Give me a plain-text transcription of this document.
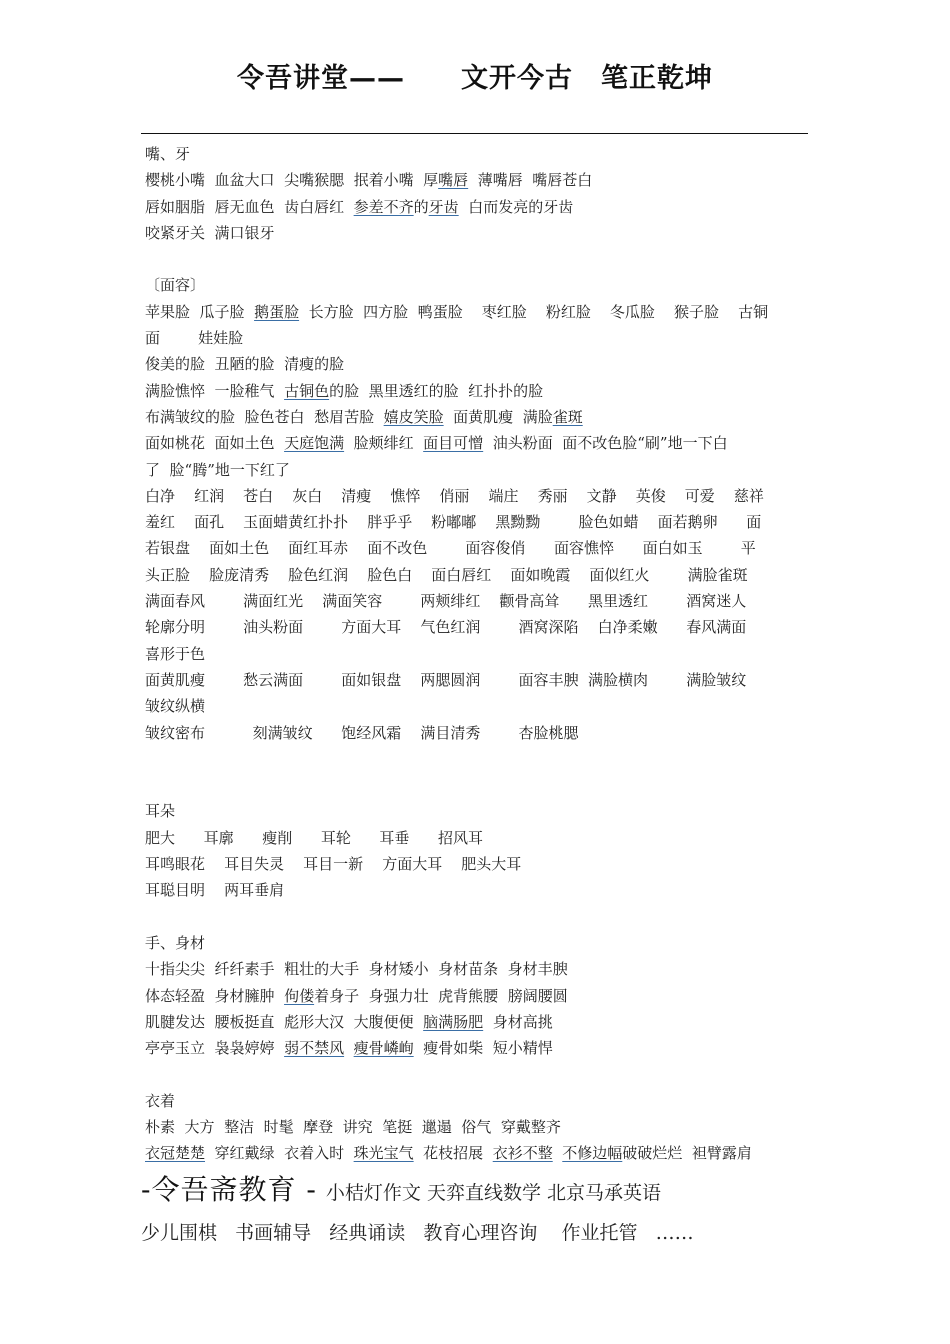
令吾讲堂——　　文开今古　笔正乾坤
嘴、牙
樱桃小嘴  血盆大口  尖嘴猴腮  抿着小嘴  厚嘴唇  薄嘴唇  嘴唇苍白
唇如胭脂  唇无血色  齿白唇红  参差不齐的牙齿  白而发亮的牙齿
咬紧牙关  满口银牙
〔面容〕
苹果脸  瓜子脸  鹅蛋脸  长方脸  四方脸  鸭蛋脸    枣红脸    粉红脸    冬瓜脸    猴子脸    古铜
面        娃娃脸
俊美的脸  丑陋的脸  清瘦的脸
满脸憔悴  一脸稚气  古铜色的脸  黑里透红的脸  红扑扑的脸
布满皱纹的脸  脸色苍白  愁眉苦脸  嬉皮笑脸  面黄肌瘦  满脸雀斑
面如桃花  面如土色  天庭饱满  脸颊绯红  面目可憎  油头粉面  面不改色脸“刷”地一下白
了  脸“腾”地一下红了
白净    红润    苍白    灰白    清瘦    憔悴    俏丽    端庄    秀丽    文静    英俊    可爱    慈祥
羞红    面孔    玉面蜡黄红扑扑    胖乎乎    粉嘟嘟    黑黝黝        脸色如蜡    面若鹅卵      面
若银盘    面如土色    面红耳赤    面不改色        面容俊俏      面容憔悴      面白如玉        平
头正脸    脸庞清秀    脸色红润    脸色白    面白唇红    面如晚霞    面似红火        满脸雀斑
满面春风        满面红光    满面笑容        两颊绯红    颧骨高耸      黑里透红        酒窝迷人
轮廓分明        油头粉面        方面大耳    气色红润        酒窝深陷    白净柔嫩      春风满面
喜形于色
面黄肌瘦        愁云满面        面如银盘    两腮圆润        面容丰腴  满脸横肉        满脸皱纹
皱纹纵横
皱纹密布          刻满皱纹      饱经风霜    满目清秀        杏脸桃腮
耳朵
肥大      耳廓      瘦削      耳轮      耳垂      招风耳
耳鸣眼花    耳目失灵    耳目一新    方面大耳    肥头大耳
耳聪目明    两耳垂肩
手、身材
十指尖尖  纤纤素手  粗壮的大手  身材矮小  身材苗条  身材丰腴
体态轻盈  身材臃肿  佝偻着身子  身强力壮  虎背熊腰  膀阔腰圆
肌腱发达  腰板挺直  彪形大汉  大腹便便  脑满肠肥  身材高挑
亭亭玉立  袅袅婷婷  弱不禁风 瘦骨嶙峋  瘦骨如柴  短小精悍
衣着
朴素  大方  整洁  时髦  摩登  讲究  笔挺  邋遢  俗气  穿戴整齐
衣冠楚楚  穿红戴绿  衣着入时  珠光宝气  花枝招展  衣衫不整 不修边幅破破烂烂  袒臂露肩
-令吾斋教育 - 小桔灯作文 天弈直线数学 北京马承英语
少儿围棋   书画辅导   经典诵读   教育心理咨询    作业托管   ……
